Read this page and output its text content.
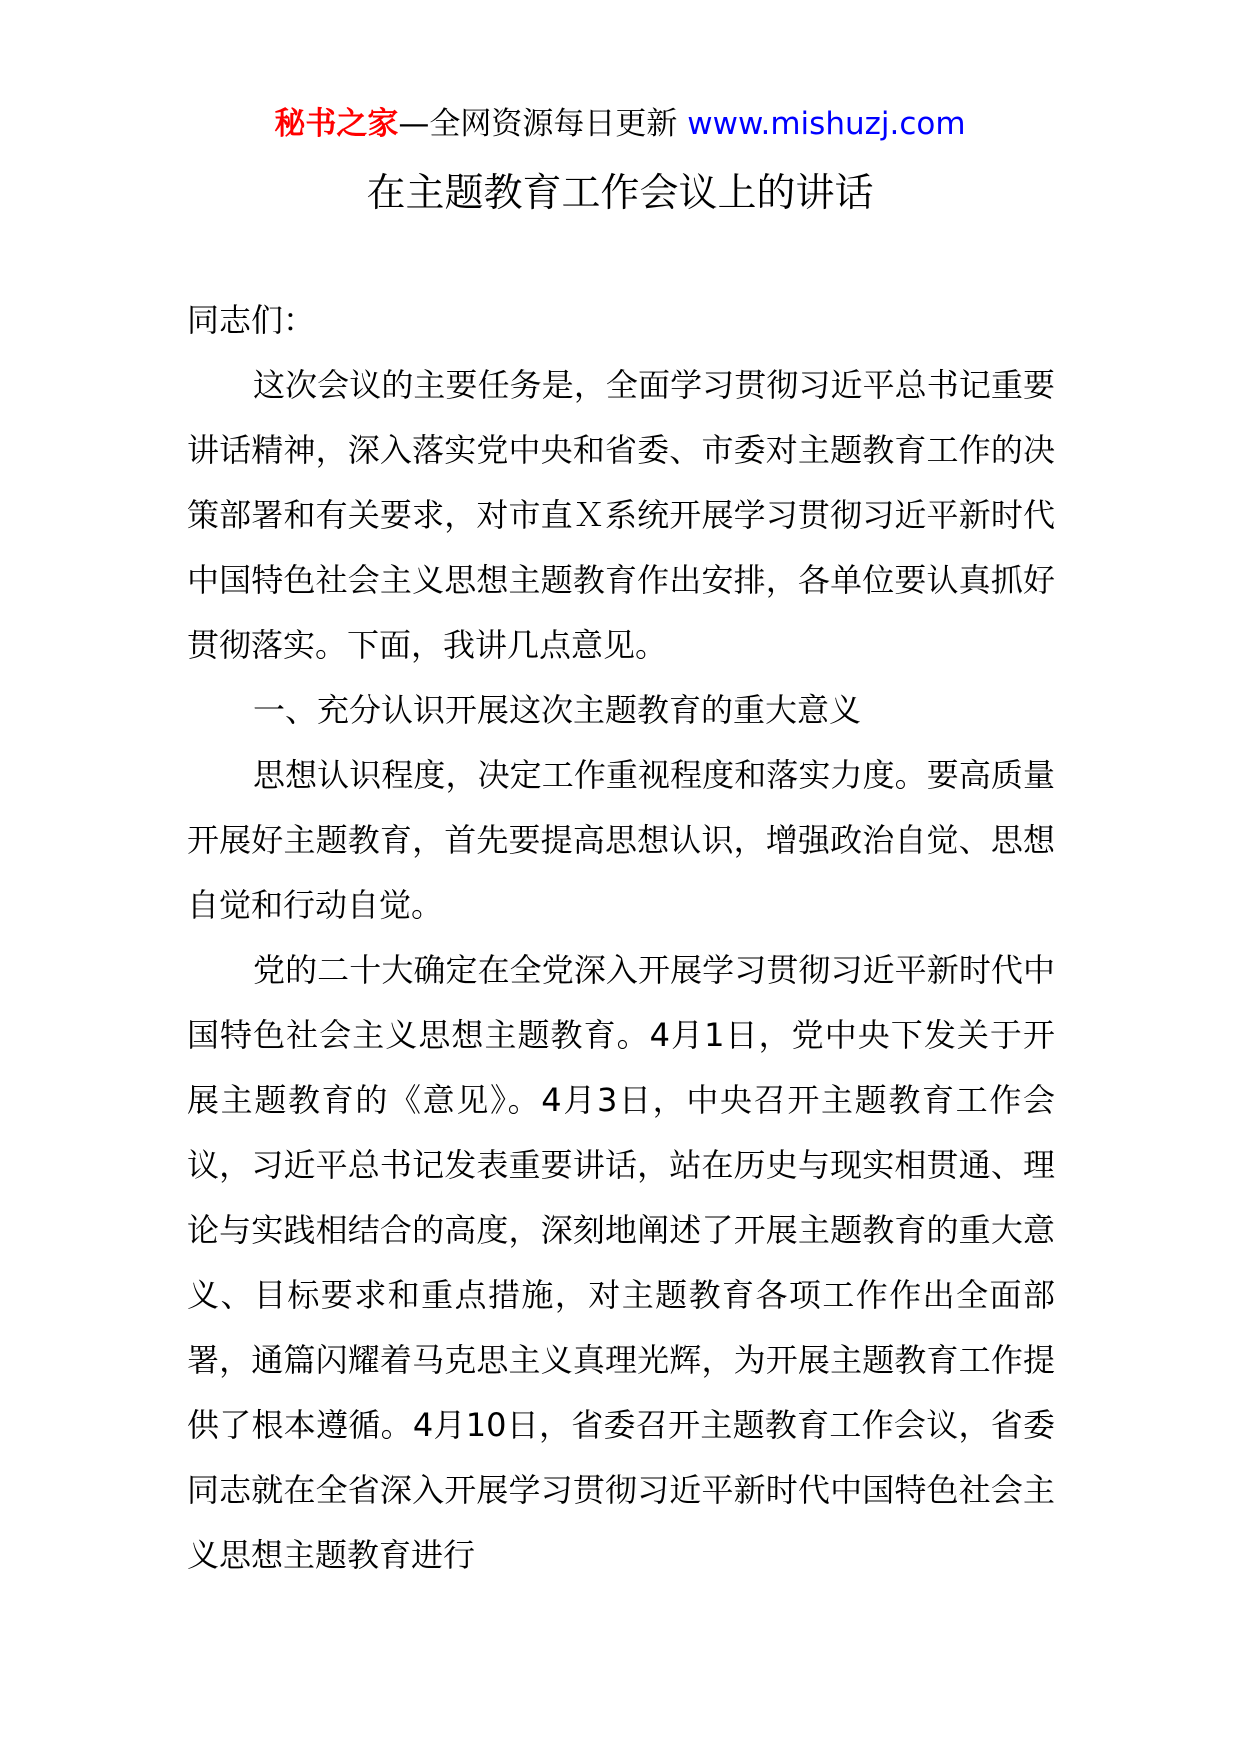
秘书之家—全网资源每日更新 www.mishuzj.com
在主题教育工作会议上的讲话

同志们：

这次会议的主要任务是，全面学习贯彻习近平总书记重要讲话精神，深入落实党中央和省委、市委对主题教育工作的决策部署和有关要求，对市直Ｘ系统开展学习贯彻习近平新时代中国特色社会主义思想主题教育作出安排，各单位要认真抓好贯彻落实。下面，我讲几点意见。

一、充分认识开展这次主题教育的重大意义

思想认识程度，决定工作重视程度和落实力度。要高质量开展好主题教育，首先要提高思想认识，增强政治自觉、思想自觉和行动自觉。

党的二十大确定在全党深入开展学习贯彻习近平新时代中国特色社会主义思想主题教育。4月1日，党中央下发关于开展主题教育的《意见》。4月3日，中央召开主题教育工作会议，习近平总书记发表重要讲话，站在历史与现实相贯通、理论与实践相结合的高度，深刻地阐述了开展主题教育的重大意义、目标要求和重点措施，对主题教育各项工作作出全面部署，通篇闪耀着马克思主义真理光辉，为开展主题教育工作提供了根本遵循。4月10日，省委召开主题教育工作会议，省委同志就在全省深入开展学习贯彻习近平新时代中国特色社会主义思想主题教育进行
